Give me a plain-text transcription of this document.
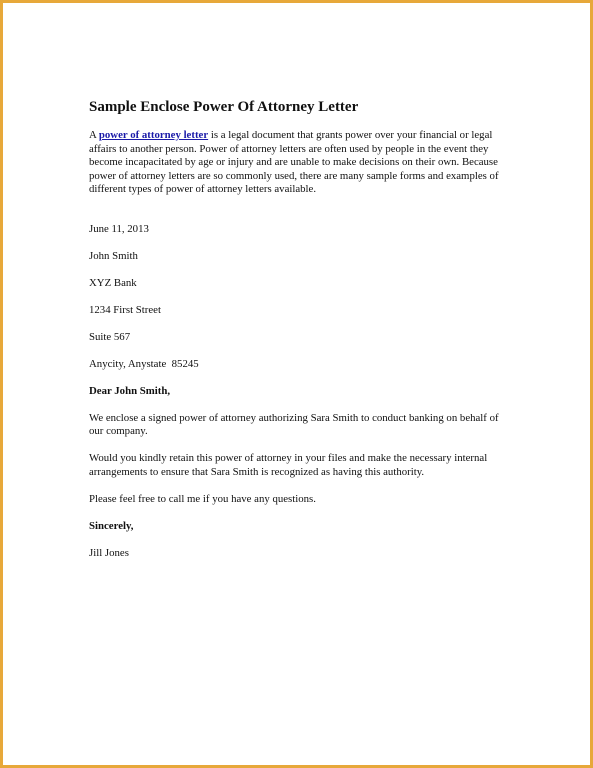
Sample Enclose Power Of Attorney Letter

A power of attorney letter is a legal document that grants power over your financial or legal affairs to another person. Power of attorney letters are often used by people in the event they become incapacitated by age or injury and are unable to make decisions on their own. Because power of attorney letters are so commonly used, there are many sample forms and examples of different types of power of attorney letters available.

June 11, 2013
John Smith
XYZ Bank
1234 First Street
Suite 567
Anycity, Anystate  85245
Dear John Smith,

We enclose a signed power of attorney authorizing Sara Smith to conduct banking on behalf of our company.

Would you kindly retain this power of attorney in your files and make the necessary internal arrangements to ensure that Sara Smith is recognized as having this authority.

Please feel free to call me if you have any questions.

Sincerely,
Jill Jones
